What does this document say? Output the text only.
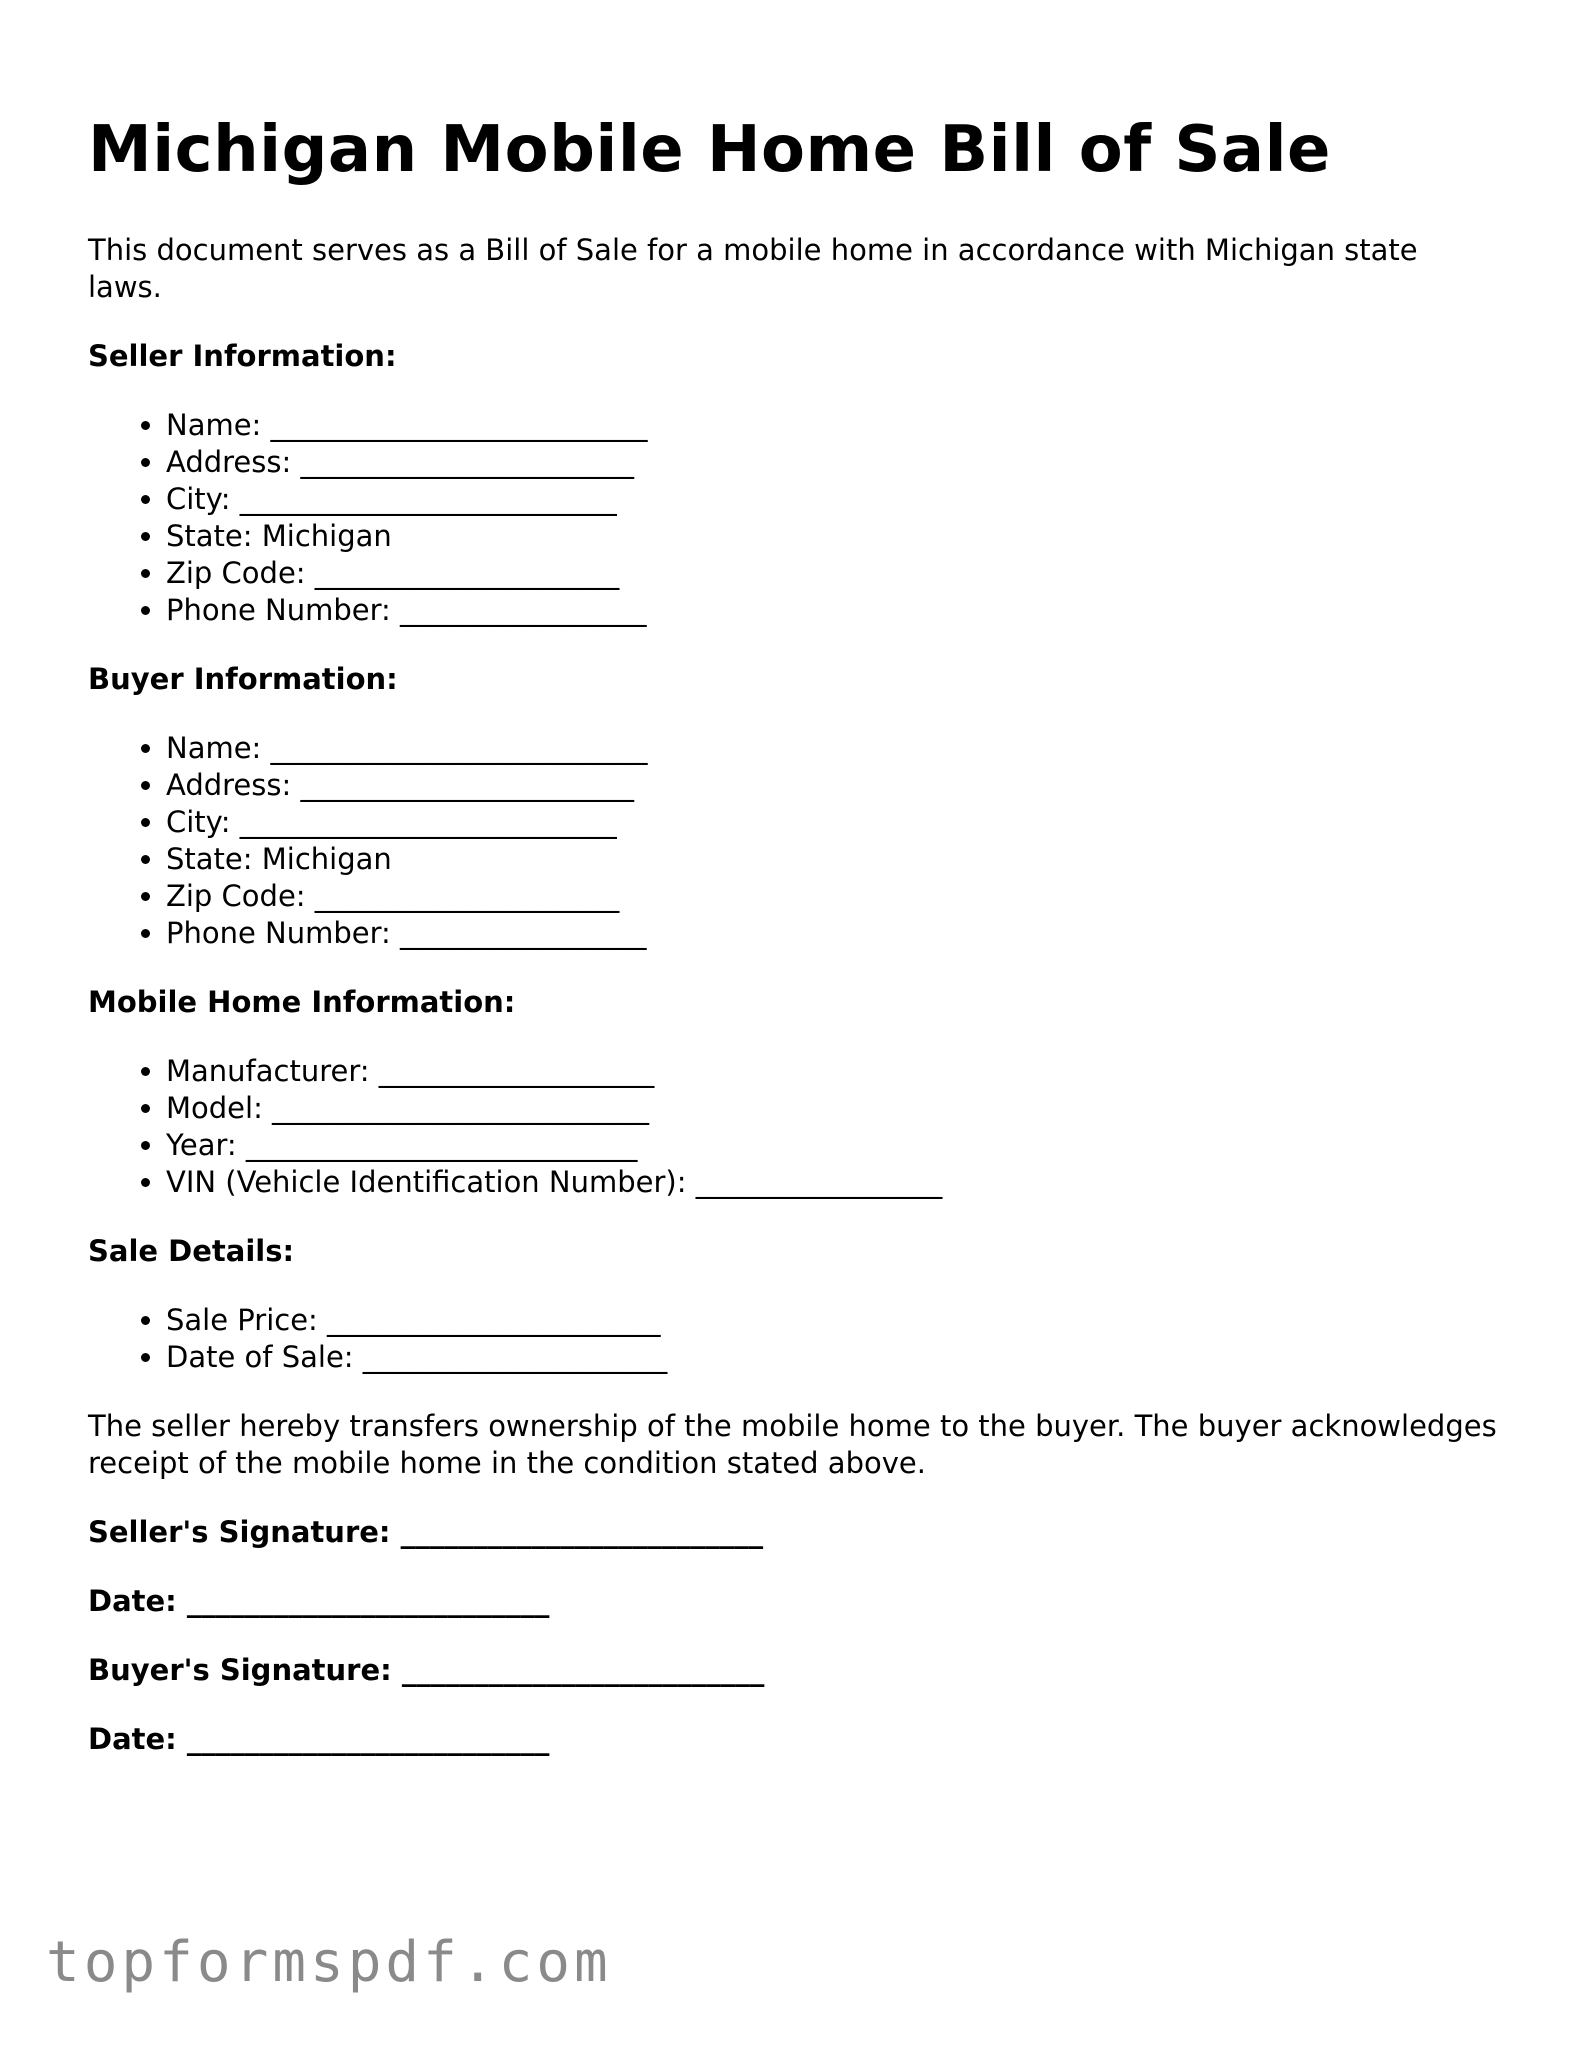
Michigan Mobile Home Bill of Sale

This document serves as a Bill of Sale for a mobile home in accordance with Michigan state laws.

Seller Information:

• Name: __________________________
• Address: _______________________
• City: __________________________
• State: Michigan
• Zip Code: _____________________
• Phone Number: _________________

Buyer Information:

• Name: __________________________
• Address: _______________________
• City: __________________________
• State: Michigan
• Zip Code: _____________________
• Phone Number: _________________

Mobile Home Information:

• Manufacturer: ___________________
• Model: __________________________
• Year: ___________________________
• VIN (Vehicle Identification Number): _________________

Sale Details:

• Sale Price: _______________________
• Date of Sale: _____________________

The seller hereby transfers ownership of the mobile home to the buyer. The buyer acknowledges receipt of the mobile home in the condition stated above.

Seller's Signature: _________________________

Date: _________________________

Buyer's Signature: _________________________

Date: _________________________

topformspdf.com
